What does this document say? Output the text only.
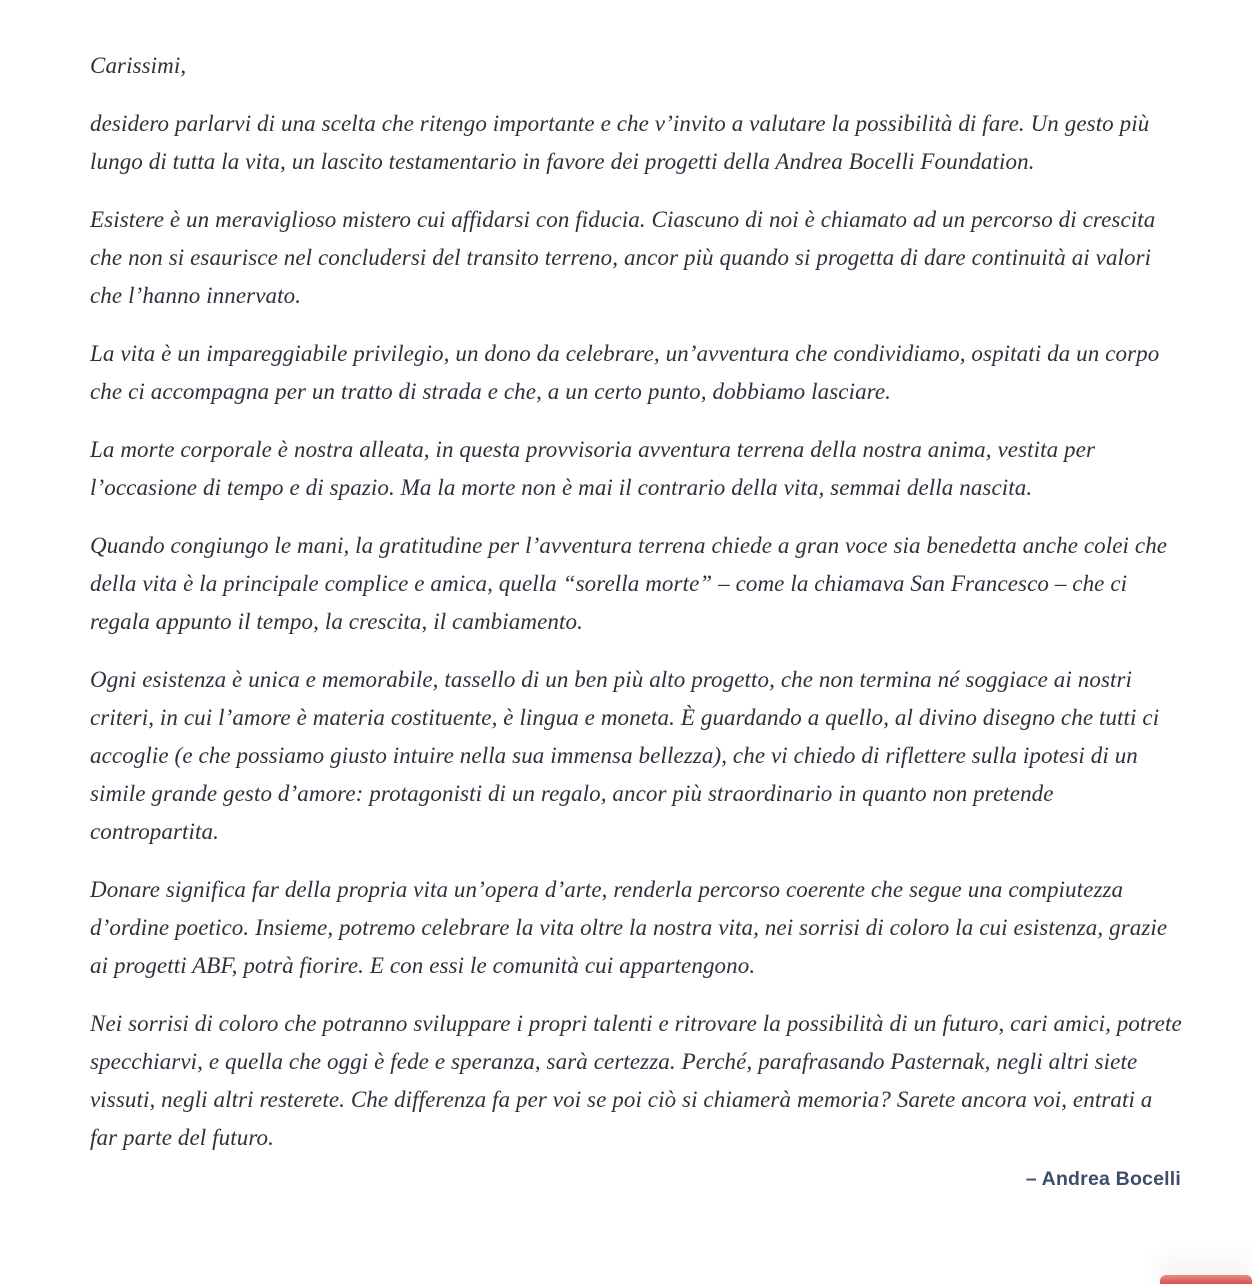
Carissimi,

desidero parlarvi di una scelta che ritengo importante e che v’invito a valutare la possibilità di fare. Un gesto più lungo di tutta la vita, un lascito testamentario in favore dei progetti della Andrea Bocelli Foundation.

Esistere è un meraviglioso mistero cui affidarsi con fiducia. Ciascuno di noi è chiamato ad un percorso di crescita che non si esaurisce nel concludersi del transito terreno, ancor più quando si progetta di dare continuità ai valori che l’hanno innervato.

La vita è un impareggiabile privilegio, un dono da celebrare, un’avventura che condividiamo, ospitati da un corpo che ci accompagna per un tratto di strada e che, a un certo punto, dobbiamo lasciare.

La morte corporale è nostra alleata, in questa provvisoria avventura terrena della nostra anima, vestita per l’occasione di tempo e di spazio. Ma la morte non è mai il contrario della vita, semmai della nascita.

Quando congiungo le mani, la gratitudine per l’avventura terrena chiede a gran voce sia benedetta anche colei che della vita è la principale complice e amica, quella “sorella morte” – come la chiamava San Francesco – che ci regala appunto il tempo, la crescita, il cambiamento.

Ogni esistenza è unica e memorabile, tassello di un ben più alto progetto, che non termina né soggiace ai nostri criteri, in cui l’amore è materia costituente, è lingua e moneta. È guardando a quello, al divino disegno che tutti ci accoglie (e che possiamo giusto intuire nella sua immensa bellezza), che vi chiedo di riflettere sulla ipotesi di un simile grande gesto d’amore: protagonisti di un regalo, ancor più straordinario in quanto non pretende contropartita.

Donare significa far della propria vita un’opera d’arte, renderla percorso coerente che segue una compiutezza d’ordine poetico. Insieme, potremo celebrare la vita oltre la nostra vita, nei sorrisi di coloro la cui esistenza, grazie ai progetti ABF, potrà fiorire. E con essi le comunità cui appartengono.

Nei sorrisi di coloro che potranno sviluppare i propri talenti e ritrovare la possibilità di un futuro, cari amici, potrete specchiarvi, e quella che oggi è fede e speranza, sarà certezza. Perché, parafrasando Pasternak, negli altri siete vissuti, negli altri resterete. Che differenza fa per voi se poi ciò si chiamerà memoria? Sarete ancora voi, entrati a far parte del futuro.

– Andrea Bocelli
